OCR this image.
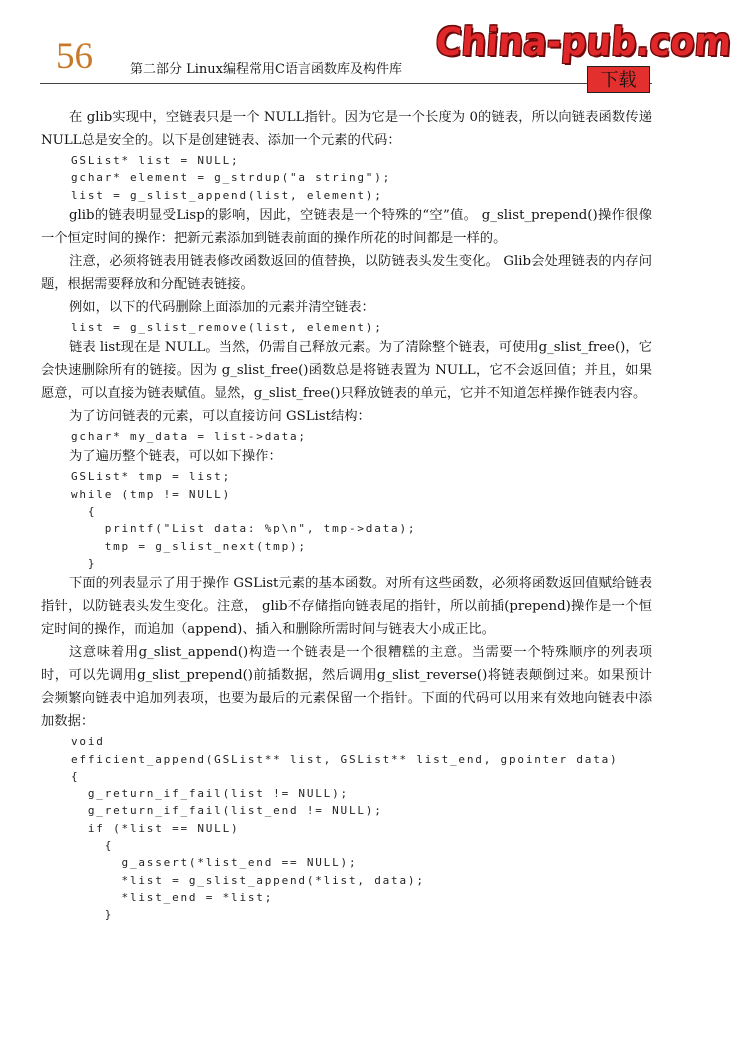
56	第二部分 Linux编程常用C语言函数库及构件库
China-pub.com
下载

在 glib实现中，空链表只是一个 NULL指针。因为它是一个长度为 0的链表，所以向链表函数传递NULL总是安全的。以下是创建链表、添加一个元素的代码：

GSList* list = NULL;
gchar* element = g_strdup("a string");
list = g_slist_append(list, element);

glib的链表明显受Lisp的影响，因此，空链表是一个特殊的“空”值。 g_slist_prepend()操作很像一个恒定时间的操作：把新元素添加到链表前面的操作所花的时间都是一样的。

注意，必须将链表用链表修改函数返回的值替换，以防链表头发生变化。 Glib会处理链表的内存问题，根据需要释放和分配链表链接。

例如，以下的代码删除上面添加的元素并清空链表：

list = g_slist_remove(list, element);

链表 list现在是 NULL。当然，仍需自己释放元素。为了清除整个链表，可使用g_slist_free()，它会快速删除所有的链接。因为 g_slist_free()函数总是将链表置为 NULL，它不会返回值；并且，如果愿意，可以直接为链表赋值。显然，g_slist_free()只释放链表的单元，它并不知道怎样操作链表内容。

为了访问链表的元素，可以直接访问 GSList结构：

gchar* my_data = list->data;

为了遍历整个链表，可以如下操作：

GSList* tmp = list;
while (tmp != NULL)
{
printf("List data: %p\n", tmp->data);
tmp = g_slist_next(tmp);
}

下面的列表显示了用于操作 GSList元素的基本函数。对所有这些函数，必须将函数返回值赋给链表指针，以防链表头发生变化。注意， glib不存储指向链表尾的指针，所以前插(prepend)操作是一个恒定时间的操作，而追加（append)、插入和删除所需时间与链表大小成正比。

这意味着用g_slist_append()构造一个链表是一个很糟糕的主意。当需要一个特殊顺序的列表项时，可以先调用g_slist_prepend()前插数据，然后调用g_slist_reverse()将链表颠倒过来。如果预计会频繁向链表中追加列表项，也要为最后的元素保留一个指针。下面的代码可以用来有效地向链表中添加数据：

void
efficient_append(GSList** list, GSList** list_end, gpointer data)
{
g_return_if_fail(list != NULL);
g_return_if_fail(list_end != NULL);
if (*list == NULL)
{
g_assert(*list_end == NULL);
*list = g_slist_append(*list, data);
*list_end = *list;
}
